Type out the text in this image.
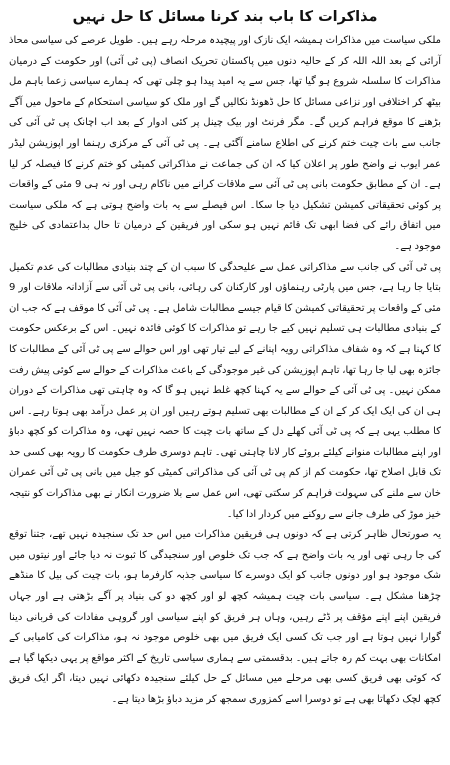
مذاکرات کا باب بند کرنا مسائل کا حل نہیں

ملکی سیاست میں مذاکرات ہمیشہ ایک نازک اور پیچیدہ مرحلہ رہے ہیں۔ طویل عرصے کی سیاسی محاذ آرائی کے بعد اللہ اللہ کر کے حالیہ دنوں میں پاکستان تحریک انصاف (پی ٹی آئی) اور حکومت کے درمیان مذاکرات کا سلسلہ شروع ہو گیا تھا، جس سے یہ امید پیدا ہو چلی تھی کہ ہمارے سیاسی زعما باہم مل بیٹھ کر اختلافی اور نزاعی مسائل کا حل ڈھونڈ نکالیں گے اور ملک کو سیاسی استحکام کے ماحول میں آگے بڑھنے کا موقع فراہم کریں گے۔ مگر فرنٹ اور بیک چینل پر کئی ادوار کے بعد اب اچانک پی ٹی آئی کی جانب سے بات چیت ختم کرنے کی اطلاع سامنے آگئی ہے۔ پی ٹی آئی کے مرکزی رہنما اور اپوزیشن لیڈر عمر ایوب نے واضح طور پر اعلان کیا کہ ان کی جماعت نے مذاکراتی کمیٹی کو ختم کرنے کا فیصلہ کر لیا ہے۔ ان کے مطابق حکومت بانی پی ٹی آئی سے ملاقات کرانے میں ناکام رہی اور نہ ہی 9 مئی کے واقعات پر کوئی تحقیقاتی کمیشن تشکیل دیا جا سکا۔ اس فیصلے سے یہ بات واضح ہوتی ہے کہ ملکی سیاست میں اتفاق رائے کی فضا ابھی تک قائم نہیں ہو سکی اور فریقین کے درمیان تا حال بداعتمادی کی خلیج موجود ہے۔

پی ٹی آئی کی جانب سے مذاکراتی عمل سے علیحدگی کا سبب ان کے چند بنیادی مطالبات کی عدم تکمیل بتایا جا رہا ہے، جس میں پارٹی رہنماؤں اور کارکنان کی رہائی، بانی پی ٹی آئی سے آزادانہ ملاقات اور 9 مئی کے واقعات پر تحقیقاتی کمیشن کا قیام جیسے مطالبات شامل ہے۔ پی ٹی آئی کا موقف ہے کہ جب ان کے بنیادی مطالبات ہی تسلیم نہیں کیے جا رہے تو مذاکرات کا کوئی فائدہ نہیں۔ اس کے برعکس حکومت کا کہنا ہے کہ وہ شفاف مذاکراتی رویہ اپنانے کے لیے تیار تھی اور اس حوالے سے پی ٹی آئی کے مطالبات کا جائزہ بھی لیا جا رہا تھا، تاہم اپوزیشن کی غیر موجودگی کے باعث مذاکرات کے حوالے سے کوئی پیش رفت ممکن نہیں۔ پی ٹی آئی کے حوالے سے یہ کہنا کچھ غلط نہیں ہو گا کہ وہ چاہتی تھی مذاکرات کے دوران ہی ان کی ایک ایک کر کے ان کے مطالبات بھی تسلیم ہوتے رہیں اور ان پر عمل درآمد بھی ہوتا رہے۔ اس کا مطلب یہی ہے کہ پی ٹی آئی کھلے دل کے ساتھ بات چیت کا حصہ نہیں تھی، وہ مذاکرات کو کچھ دباؤ اور اپنے مطالبات منوانے کیلئے بروئے کار لانا چاہتی تھی۔ تاہم دوسری طرف حکومت کا رویہ بھی کسی حد تک قابل اصلاح تھا، حکومت کم از کم پی ٹی آئی کی مذاکراتی کمیٹی کو جیل میں بانی پی ٹی آئی عمران خان سے ملنے کی سہولت فراہم کر سکتی تھی، اس عمل سے بلا ضرورت انکار نے بھی مذاکرات کو نتیجہ خیز موڑ کی طرف جانے سے روکنے میں کردار ادا کیا۔

یہ صورتحال ظاہر کرتی ہے کہ دونوں ہی فریقین مذاکرات میں اس حد تک سنجیدہ نہیں تھے، جتنا توقع کی جا رہی تھی اور یہ بات واضح ہے کہ جب تک خلوص اور سنجیدگی کا ثبوت نہ دیا جائے اور نیتوں میں شک موجود ہو اور دونوں جانب کو ایک دوسرے کا سیاسی جذبہ کارفرما ہو، بات چیت کی بیل کا منڈھے چڑھنا مشکل ہے۔ سیاسی بات چیت ہمیشہ کچھ لو اور کچھ دو کی بنیاد پر آگے بڑھتی ہے اور جہاں فریقین اپنے اپنے مؤقف پر ڈٹے رہیں، وہاں ہر فریق کو اپنے سیاسی اور گروہی مفادات کی قربانی دینا گوارا نہیں ہوتا ہے اور جب تک کسی ایک فریق میں بھی خلوص موجود نہ ہو، مذاکرات کی کامیابی کے امکانات بھی بہت کم رہ جاتے ہیں۔ بدقسمتی سے ہماری سیاسی تاریخ کے اکثر مواقع پر یہی دیکھا گیا ہے کہ کوئی بھی فریق کسی بھی مرحلے میں مسائل کے حل کیلئے سنجیدہ دکھائی نہیں دیتا، اگر ایک فریق کچھ لچک دکھاتا بھی ہے تو دوسرا اسے کمزوری سمجھ کر مزید دباؤ بڑھا دیتا ہے۔
